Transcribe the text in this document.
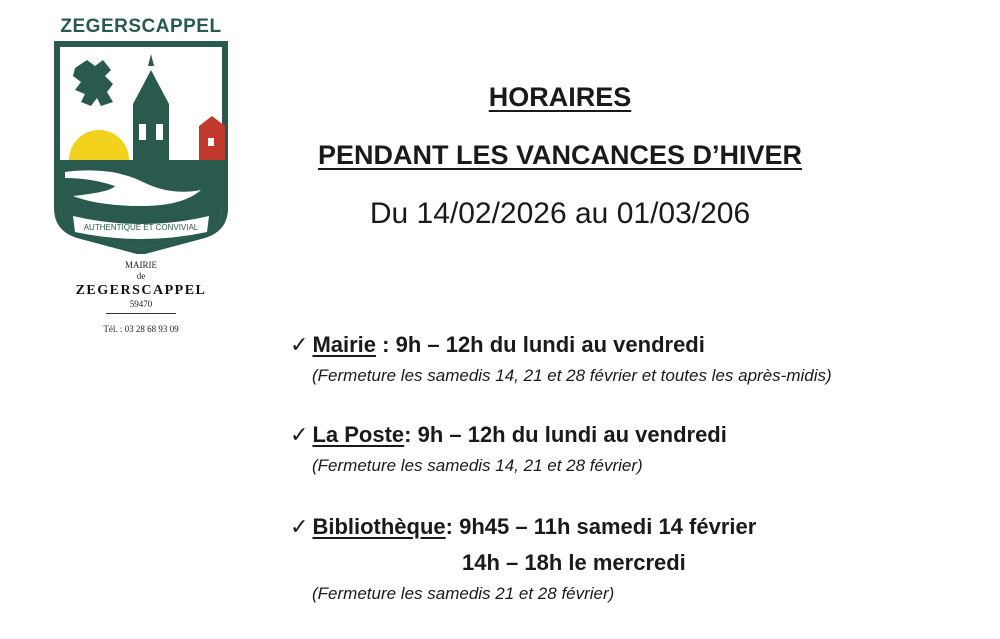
ZEGERSCAPPEL
AUTHENTIQUE ET CONVIVIAL
MAIRIE
de
ZEGERSCAPPEL
59470
Tél. : 03 28 68 93 09
HORAIRES
PENDANT LES VANCANCES D’HIVER
Du 14/02/2026 au 01/03/206
✓ Mairie : 9h – 12h du lundi au vendredi
(Fermeture les samedis 14, 21 et 28 février et toutes les après-midis)
✓ La Poste: 9h – 12h du lundi au vendredi
(Fermeture les samedis 14, 21 et 28 février)
✓ Bibliothèque: 9h45 – 11h samedi 14 février
14h – 18h le mercredi
(Fermeture les samedis 21 et 28 février)
